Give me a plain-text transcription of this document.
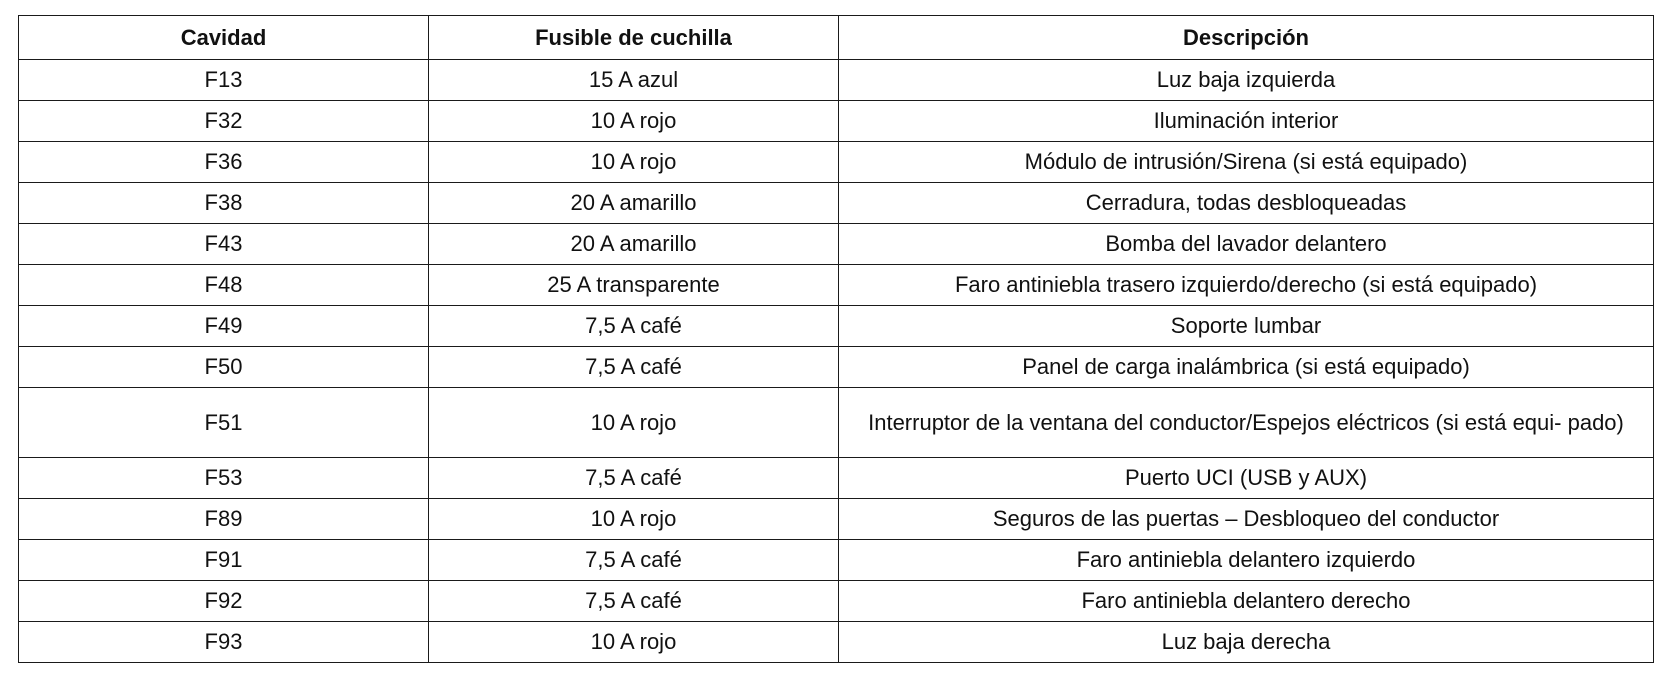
Cavidad	Fusible de cuchilla	Descripción
F13	15 A azul	Luz baja izquierda
F32	10 A rojo	Iluminación interior
F36	10 A rojo	Módulo de intrusión/Sirena (si está equipado)
F38	20 A amarillo	Cerradura, todas desbloqueadas
F43	20 A amarillo	Bomba del lavador delantero
F48	25 A transparente	Faro antiniebla trasero izquierdo/derecho (si está equipado)
F49	7,5 A café	Soporte lumbar
F50	7,5 A café	Panel de carga inalámbrica (si está equipado)
F51	10 A rojo	Interruptor de la ventana del conductor/Espejos eléctricos (si está equi- pado)
F53	7,5 A café	Puerto UCI (USB y AUX)
F89	10 A rojo	Seguros de las puertas – Desbloqueo del conductor
F91	7,5 A café	Faro antiniebla delantero izquierdo
F92	7,5 A café	Faro antiniebla delantero derecho
F93	10 A rojo	Luz baja derecha
